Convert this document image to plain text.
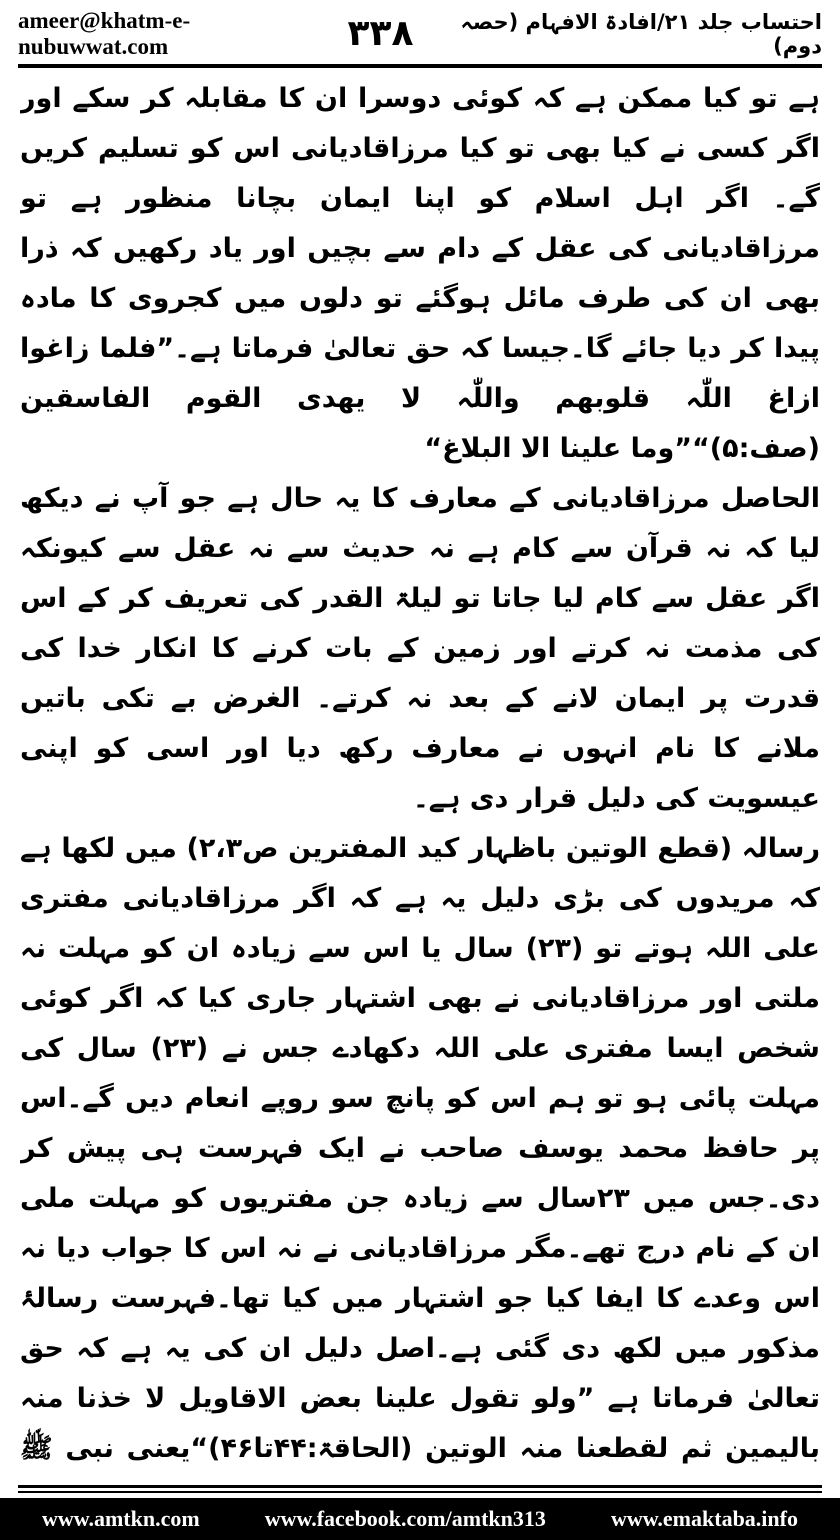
ameer@khatm-e-nubuwwat.com	۳۳۸	احتساب جلد ۲۱/افادۃ الافہام (حصہ دوم)

ہے تو کیا ممکن ہے کہ کوئی دوسرا ان کا مقابلہ کر سکے اور اگر کسی نے کیا بھی تو کیا مرزاقادیانی اس کو تسلیم کریں گے۔ اگر اہل اسلام کو اپنا ایمان بچانا منظور ہے تو مرزاقادیانی کی عقل کے دام سے بچیں اور یاد رکھیں کہ ذرا بھی ان کی طرف مائل ہوگئے تو دلوں میں کجروی کا مادہ پیدا کر دیا جائے گا۔جیسا کہ حق تعالیٰ فرماتا ہے۔”فلما زاغوا ازاغ اللّٰہ قلوبھم واللّٰہ لا یھدی القوم الفاسقین (صف:۵)“”وما علینا الا البلاغ“

الحاصل مرزاقادیانی کے معارف کا یہ حال ہے جو آپ نے دیکھ لیا کہ نہ قرآن سے کام ہے نہ حدیث سے نہ عقل سے کیونکہ اگر عقل سے کام لیا جاتا تو لیلۃ القدر کی تعریف کر کے اس کی مذمت نہ کرتے اور زمین کے بات کرنے کا انکار خدا کی قدرت پر ایمان لانے کے بعد نہ کرتے۔ الغرض بے تکی باتیں ملانے کا نام انہوں نے معارف رکھ دیا اور اسی کو اپنی عیسویت کی دلیل قرار دی ہے۔

رسالہ (قطع الوتین باظہار کید المفترین ص۲،۳) میں لکھا ہے کہ مریدوں کی بڑی دلیل یہ ہے کہ اگر مرزاقادیانی مفتری علی اللہ ہوتے تو (۲۳) سال یا اس سے زیادہ ان کو مہلت نہ ملتی اور مرزاقادیانی نے بھی اشتہار جاری کیا کہ اگر کوئی شخص ایسا مفتری علی اللہ دکھادے جس نے (۲۳) سال کی مہلت پائی ہو تو ہم اس کو پانچ سو روپے انعام دیں گے۔اس پر حافظ محمد یوسف صاحب نے ایک فہرست ہی پیش کر دی۔جس میں ۲۳سال سے زیادہ جن مفتریوں کو مہلت ملی ان کے نام درج تھے۔مگر مرزاقادیانی نے نہ اس کا جواب دیا نہ اس وعدے کا ایفا کیا جو اشتہار میں کیا تھا۔فہرست رسالۂ مذکور میں لکھ دی گئی ہے۔اصل دلیل ان کی یہ ہے کہ حق تعالیٰ فرماتا ہے ”ولو تقول علینا بعض الاقاویل لا خذنا منہ بالیمین ثم لقطعنا منہ الوتین (الحاقۃ:۴۴تا۴۶)“یعنی نبی ﷺ

www.amtkn.com	www.facebook.com/amtkn313	www.emaktaba.info
